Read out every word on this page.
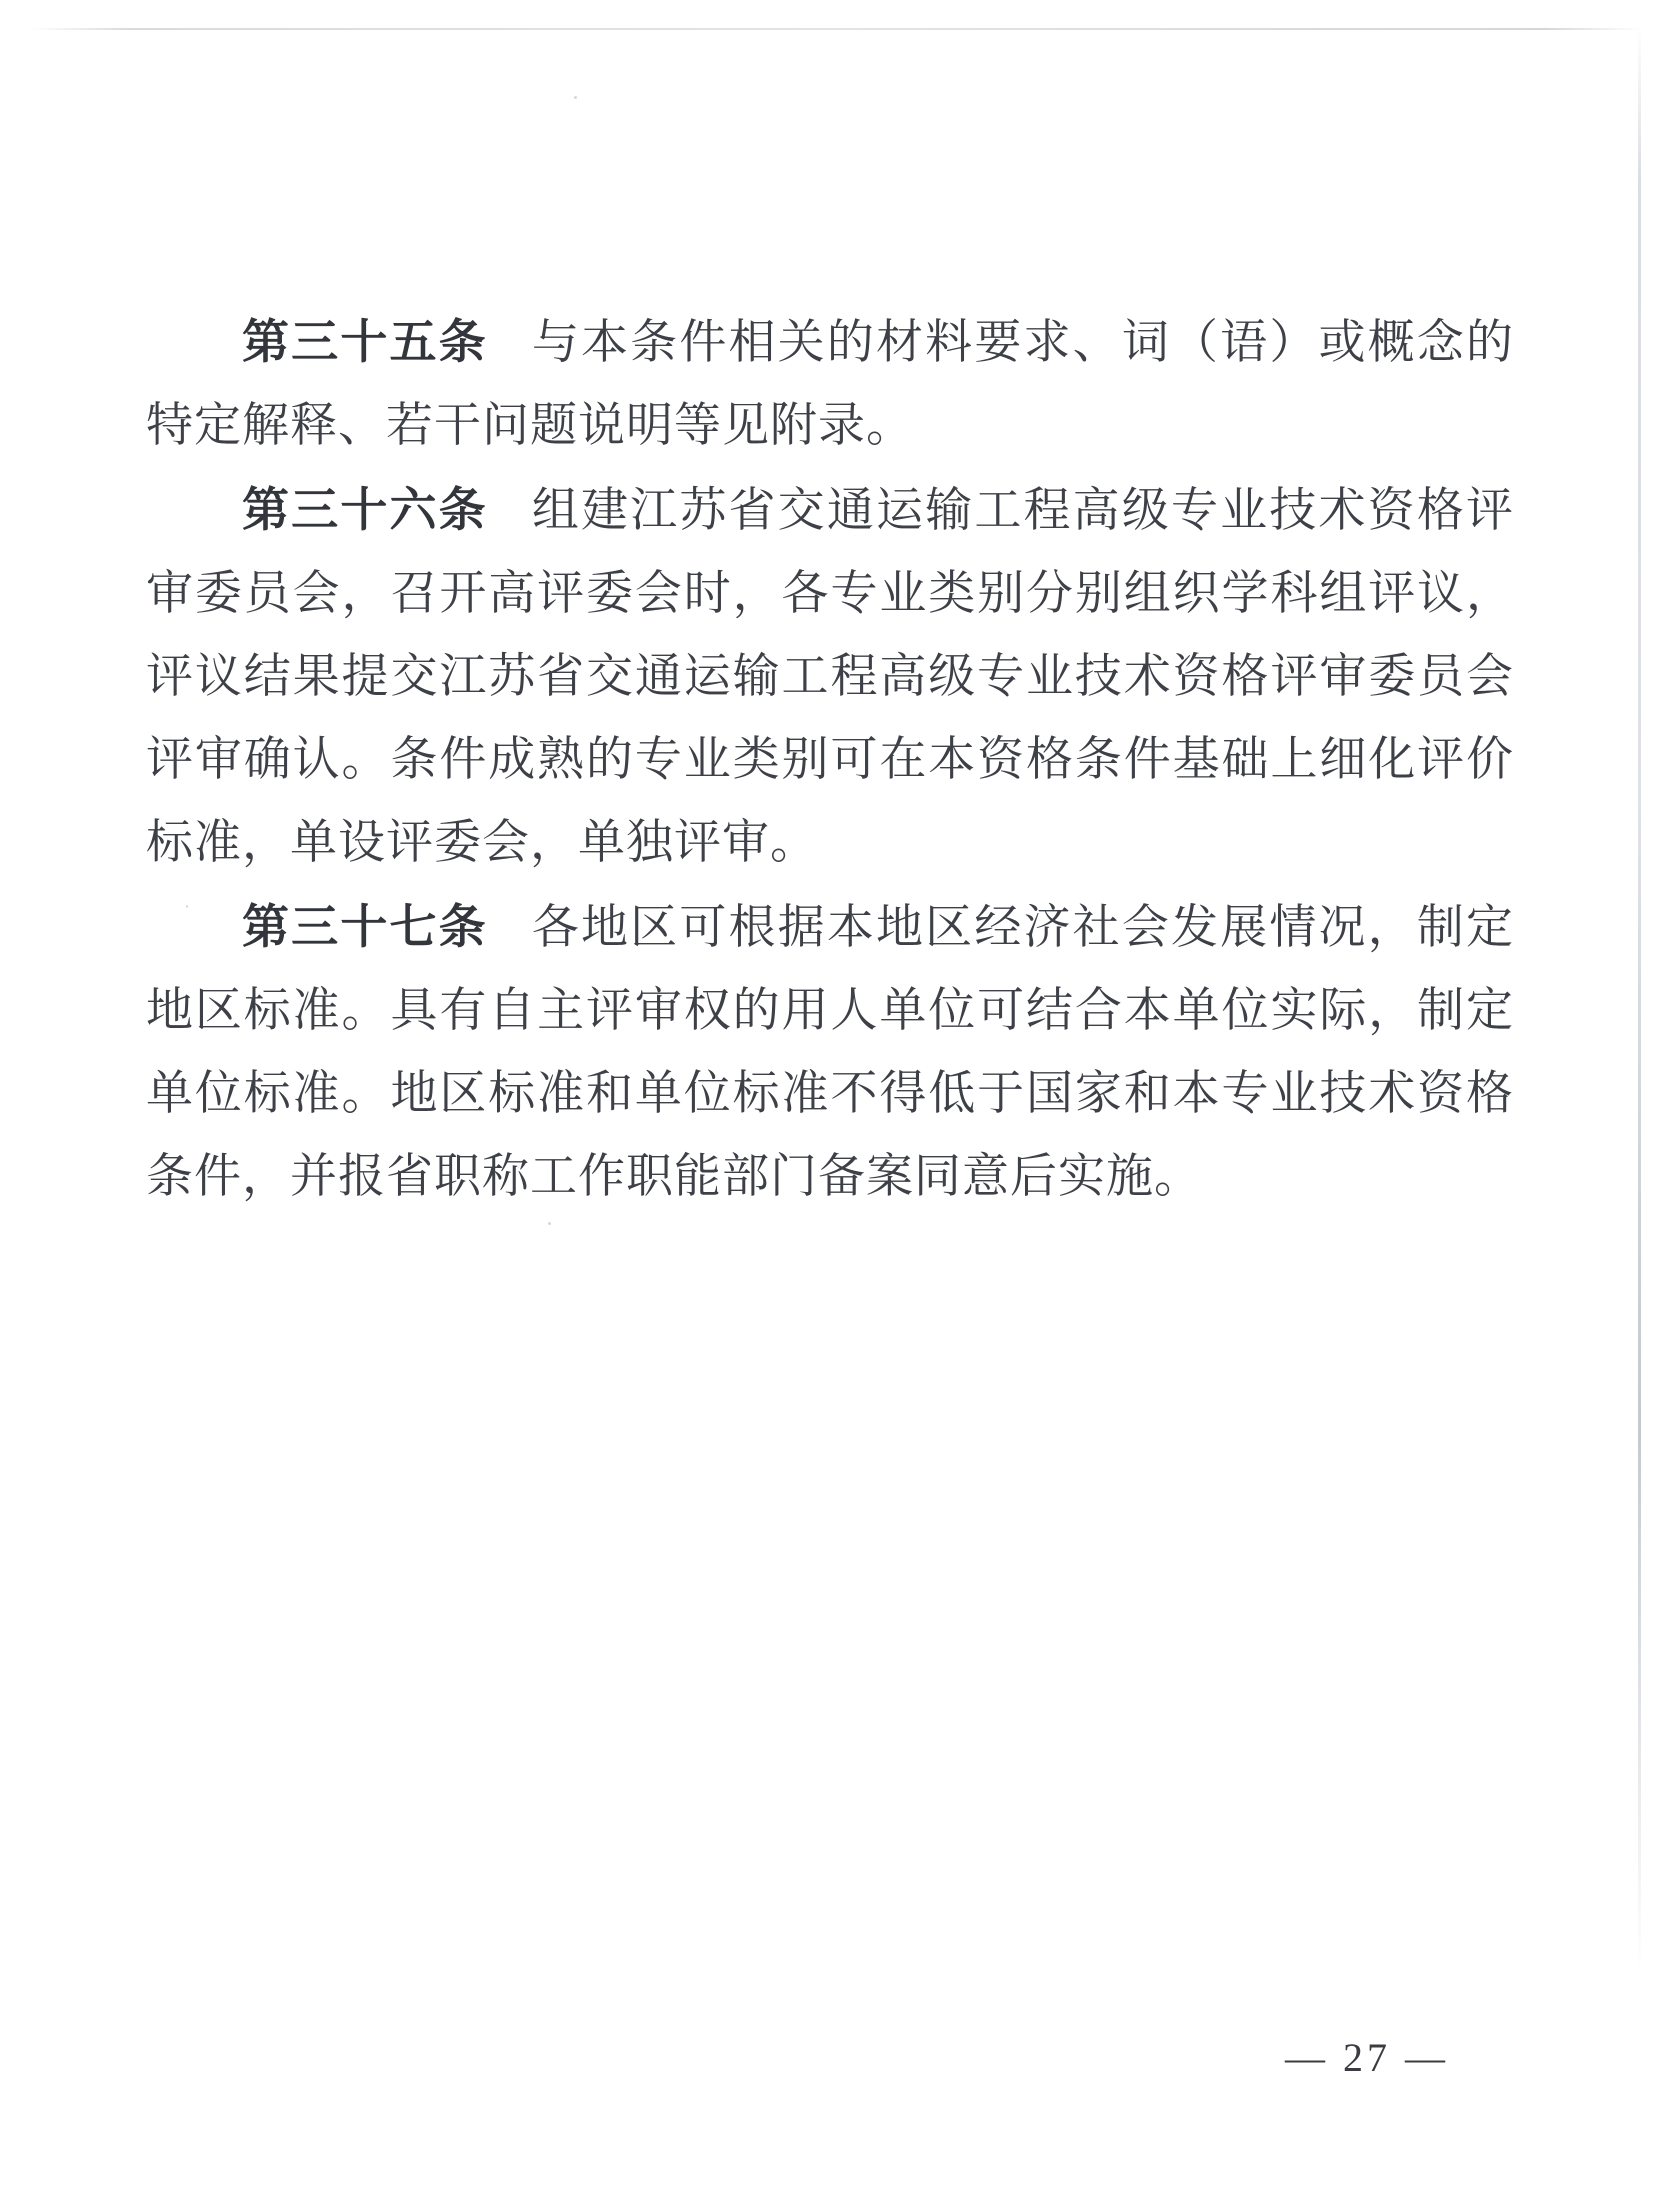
第三十五条 与本条件相关的材料要求、词（语）或概念的特定解释、若干问题说明等见附录。

第三十六条 组建江苏省交通运输工程高级专业技术资格评审委员会，召开高评委会时，各专业类别分别组织学科组评议，评议结果提交江苏省交通运输工程高级专业技术资格评审委员会评审确认。条件成熟的专业类别可在本资格条件基础上细化评价标准，单设评委会，单独评审。

第三十七条 各地区可根据本地区经济社会发展情况，制定地区标准。具有自主评审权的用人单位可结合本单位实际，制定单位标准。地区标准和单位标准不得低于国家和本专业技术资格条件，并报省职称工作职能部门备案同意后实施。

— 27 —
